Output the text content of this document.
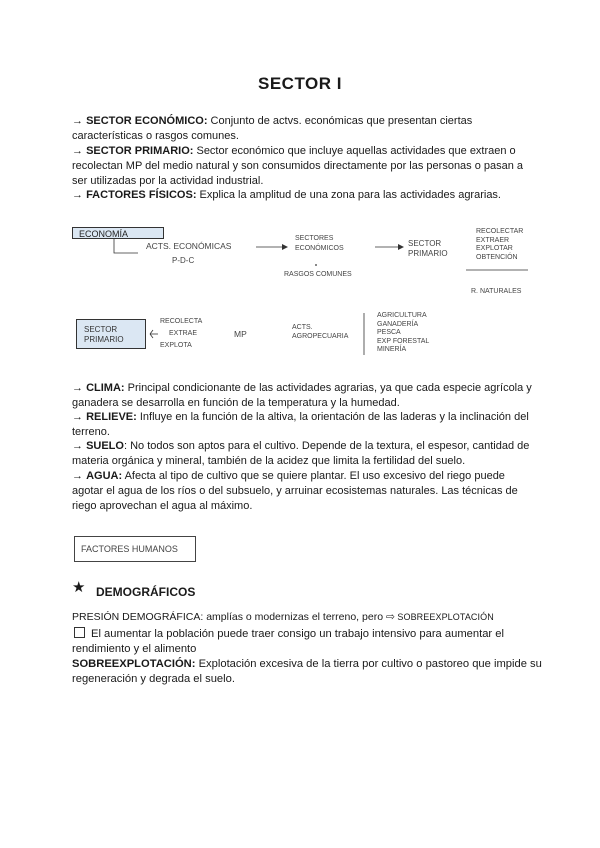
SECTOR I

→ SECTOR ECONÓMICO: Conjunto de actvs. económicas que presentan ciertas características o rasgos comunes.

→ SECTOR PRIMARIO: Sector económico que incluye aquellas actividades que extraen o recolectan MP del medio natural y son consumidos directamente por las personas o pasan a ser utilizadas por la actividad industrial.

→ FACTORES FÍSICOS: Explica la amplitud de una zona para las actividades agrarias.

ECONOMÍA
ACTS. ECONÓMICAS
P-D-C
SECTORES
ECONÓMICOS
RASGOS COMUNES
SECTOR
PRIMARIO
RECOLECTAR
EXTRAER
EXPLOTAR
OBTENCIÓN
R. NATURALES
SECTOR
PRIMARIO
RECOLECTA
EXTRAE
EXPLOTA
MP
ACTS.
AGROPECUARIA
AGRICULTURA
GANADERÍA
PESCA
EXP FORESTAL
MINERÍA

→ CLIMA: Principal condicionante de las actividades agrarias, ya que cada especie agrícola y ganadera se desarrolla en función de la temperatura y la humedad.

→ RELIEVE: Influye en la función de la altiva, la orientación de las laderas y la inclinación del terreno.

→ SUELO: No todos son aptos para el cultivo. Depende de la textura, el espesor, cantidad de materia orgánica y mineral, también de la acidez que limita la fertilidad del suelo.

→ AGUA: Afecta al tipo de cultivo que se quiere plantar. El uso excesivo del riego puede agotar el agua de los ríos o del subsuelo, y arruinar ecosistemas naturales. Las técnicas de riego aprovechan el agua al máximo.

FACTORES HUMANOS
★ DEMOGRÁFICOS
PRESIÓN DEMOGRÁFICA: amplías o modernizas el terreno, pero ⇨ SOBREEXPLOTACIÓN

El aumentar la población puede traer consigo un trabajo intensivo para aumentar el rendimiento y el alimento

SOBREEXPLOTACIÓN: Explotación excesiva de la tierra por cultivo o pastoreo que impide su regeneración y degrada el suelo.
